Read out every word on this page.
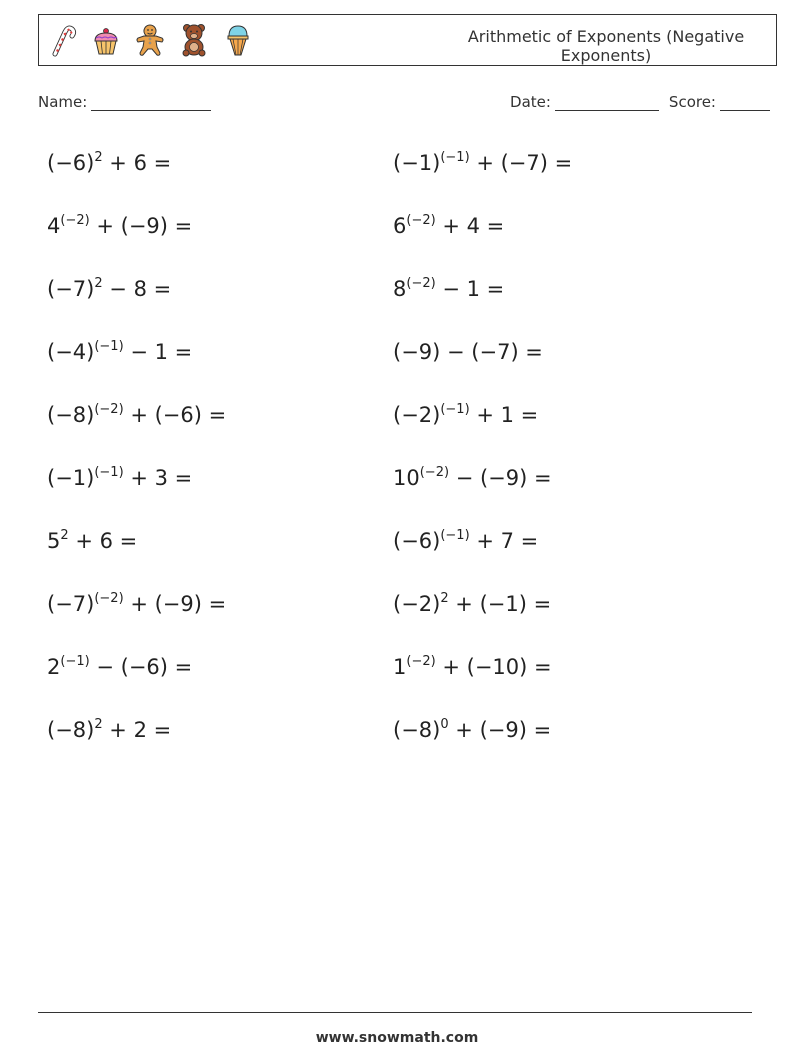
Arithmetic of Exponents (Negative Exponents)
Name:	Date:	Score:
$(-6)^2 + 6$ =	$(-1)^{(-1)} + (-7)$ =
$4^{(-2)} + (-9)$ =	$6^{(-2)} + 4$ =
$(-7)^2 - 8$ =	$8^{(-2)} - 1$ =
$(-4)^{(-1)} - 1$ =	(−9) − (−7) =
$(-8)^{(-2)} + (-6)$ =	$(-2)^{(-1)} + 1$ =
$(-1)^{(-1)} + 3$ =	$10^{(-2)} - (-9)$ =
$5^2 + 6$ =	$(-6)^{(-1)} + 7$ =
$(-7)^{(-2)} + (-9)$ =	$(-2)^2 + (-1)$ =
$2^{(-1)} - (-6)$ =	$1^{(-2)} + (-10)$ =
$(-8)^2 + 2$ =	$(-8)^0 + (-9)$ =
www.snowmath.com
